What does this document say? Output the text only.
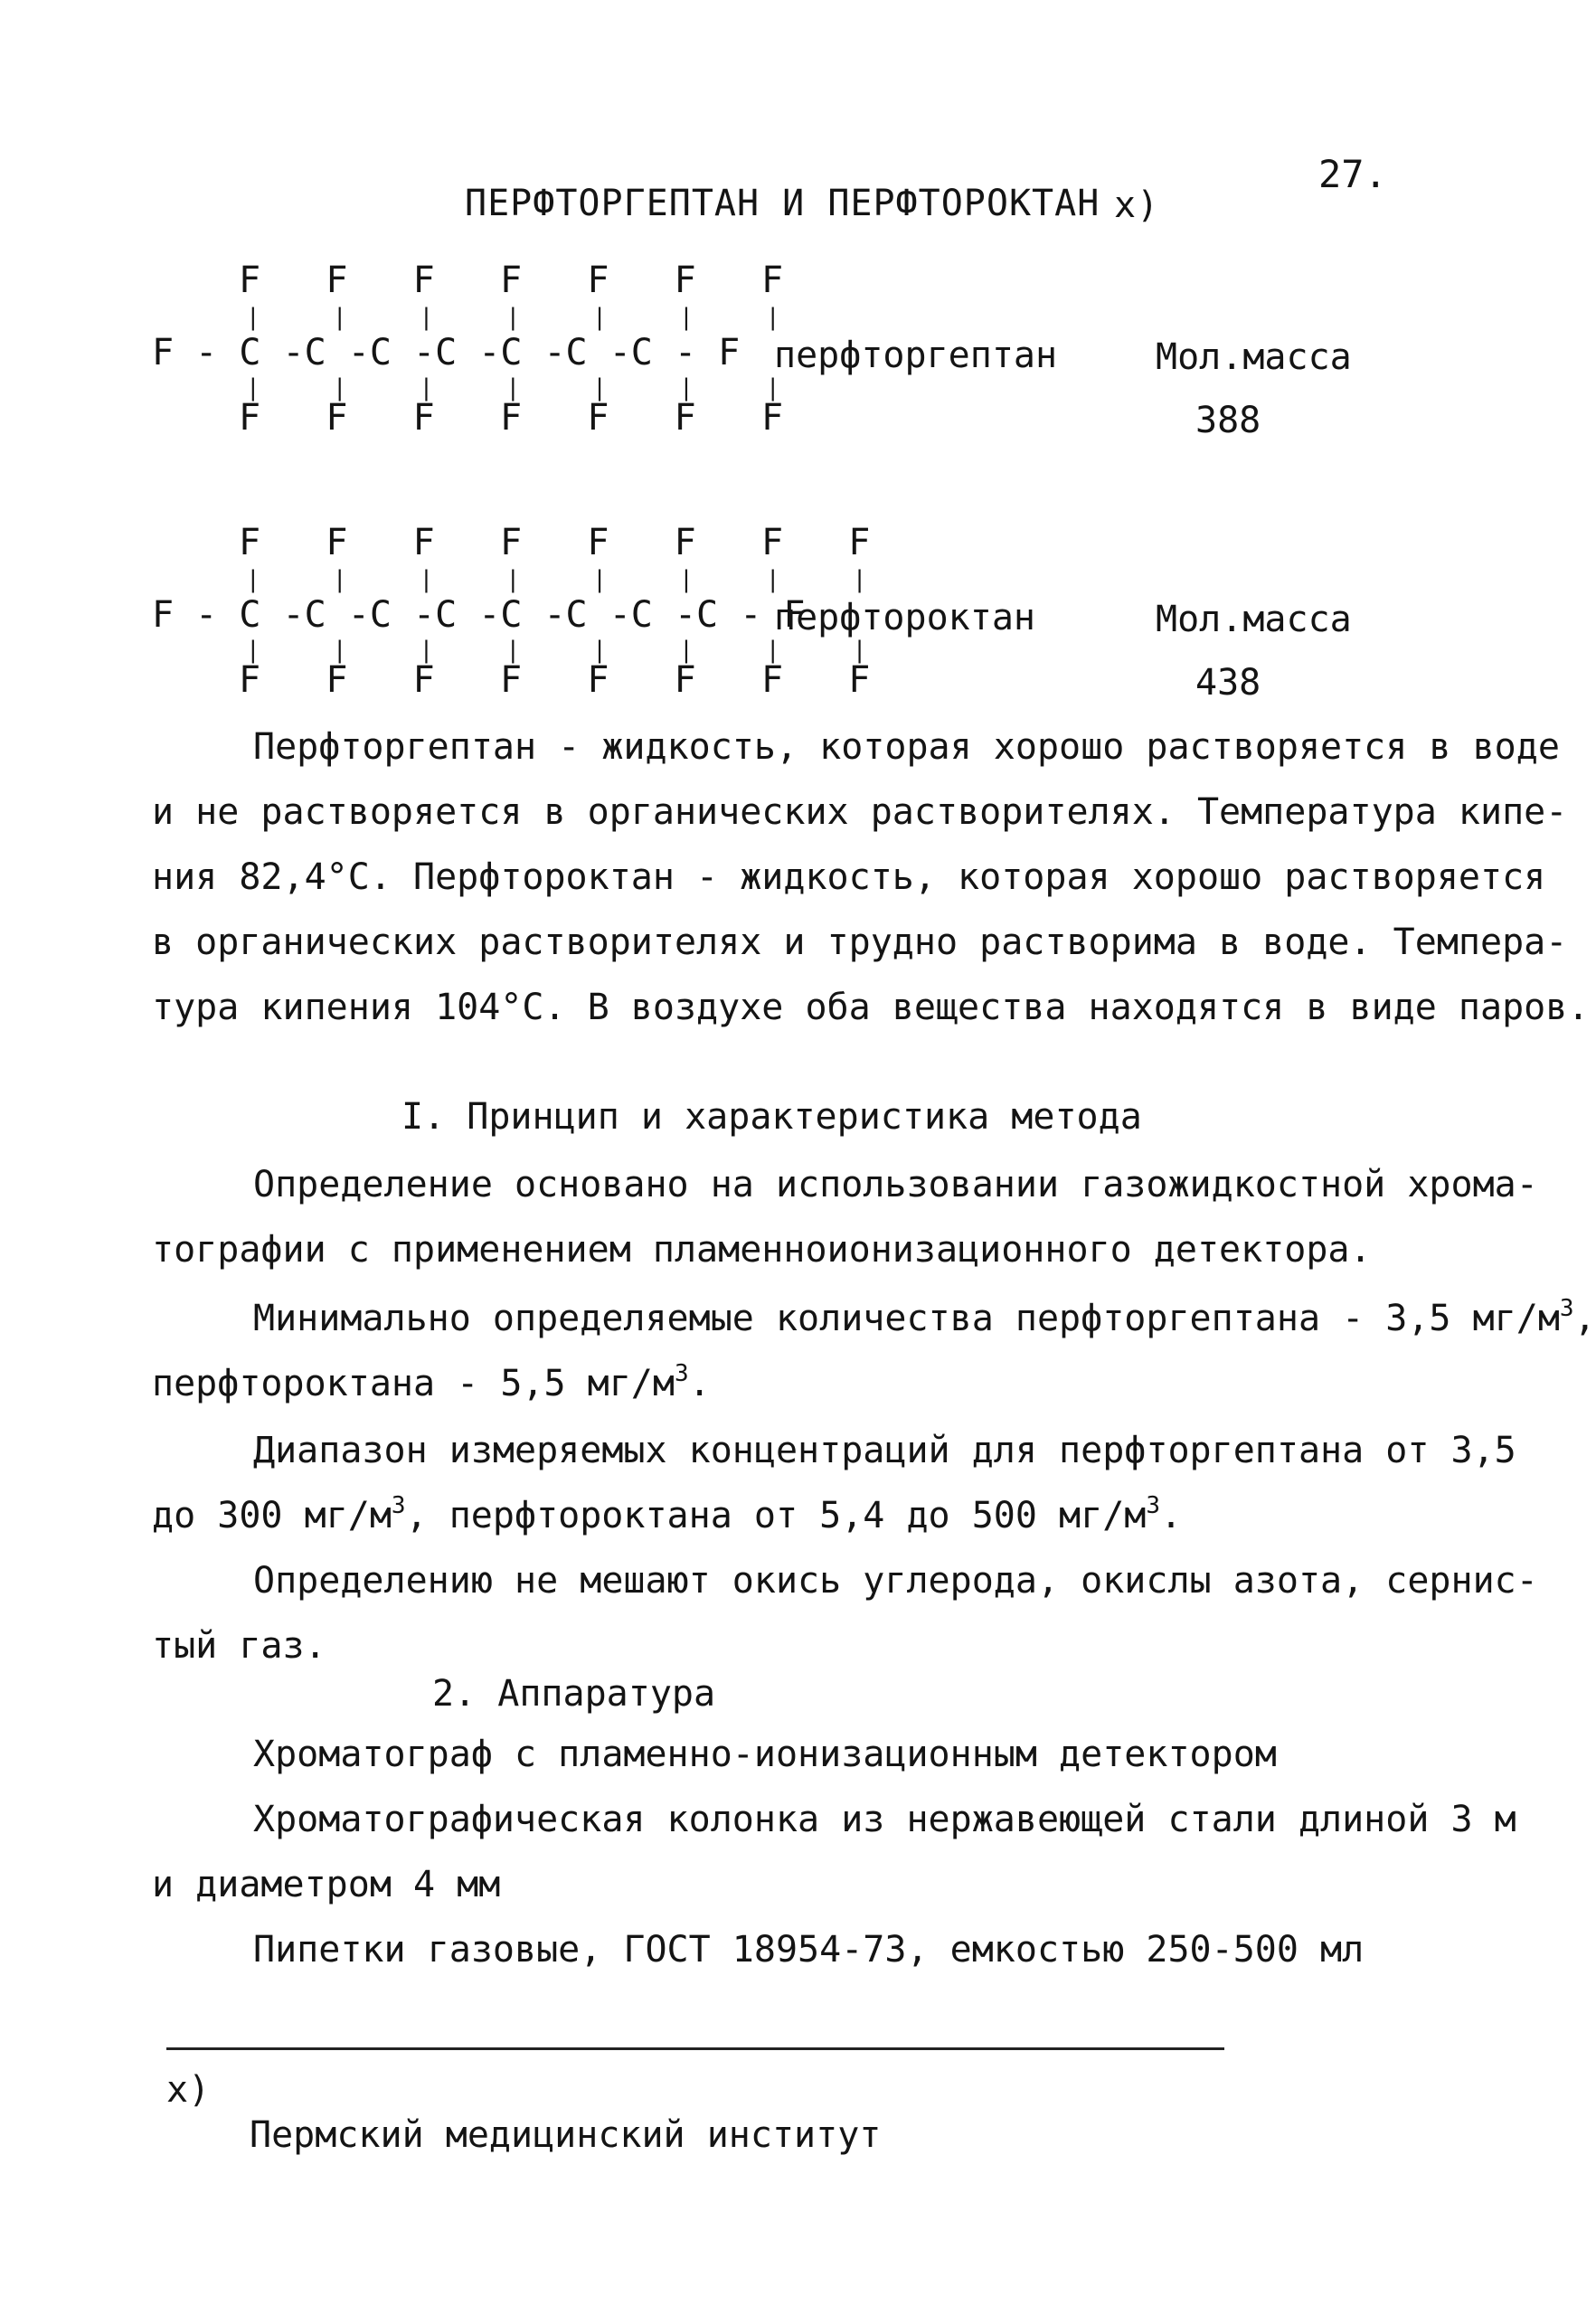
27.
ПЕРФТОРГЕПТАН И ПЕРФТОРОКТАН х)

F   F   F   F   F   F   F

|   |   |   |   |   |   |

F - C -C -C -C -C -C -C - F

|   |   |   |   |   |   |

F   F   F   F   F   F   F

перфторгептан	Мол.масса
388

F   F   F   F   F   F   F   F

|   |   |   |   |   |   |   |

F - C -C -C -C -C -C -C -C - F

|   |   |   |   |   |   |   |

F   F   F   F   F   F   F   F

перфтороктан	Мол.масса
438

Перфторгептан - жидкость, которая хорошо растворяется в воде
и не растворяется в органических растворителях. Температура кипе-
ния 82,4°С. Перфтороктан - жидкость, которая хорошо растворяется
в органических растворителях и трудно растворима в воде. Темпера-
тура кипения 104°С. В воздухе оба вещества находятся в виде паров.

I. Принцип и характеристика метода

Определение основано на использовании газожидкостной хрома-
тографии с применением пламенноионизационного детектора.

Минимально определяемые количества перфторгептана - 3,5 $мг/м^3$,
перфтороктана - 5,5 $мг/м^3$.

Диапазон измеряемых концентраций для перфторгептана от 3,5
до 300 $мг/м^3$, перфтороктана от 5,4 до 500 $мг/м^3$.

Определению не мешают окись углерода, окислы азота, сернис-
тый газ.

2. Аппаратура

Хроматограф с пламенно-ионизационным детектором
Хроматографическая колонка из нержавеющей стали длиной 3 м
и диаметром 4 мм
Пипетки газовые, ГОСТ 18954-73, емкостью 250-500 мл

х)
Пермский медицинский институт
